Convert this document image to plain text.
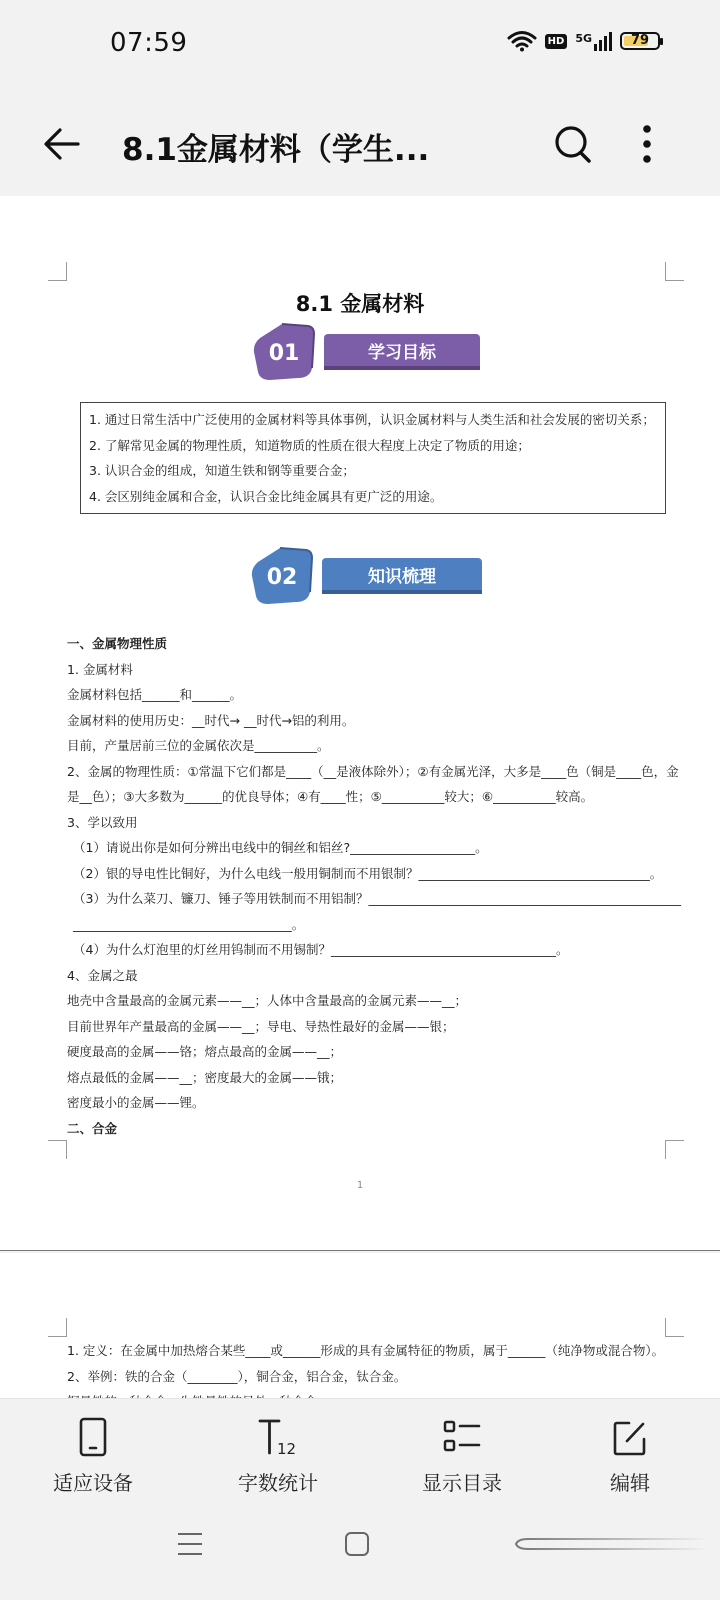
07:59	HD 5G	79
8.1金属材料（学生...
8.1 金属材料
01	学习目标

1. 通过日常生活中广泛使用的金属材料等具体事例，认识金属材料与人类生活和社会发展的密切关系；

2. 了解常见金属的物理性质，知道物质的性质在很大程度上决定了物质的用途；

3. 认识合金的组成，知道生铁和钢等重要合金；

4. 会区别纯金属和合金，认识合金比纯金属具有更广泛的用途。

02	知识梳理

一、金属物理性质

1. 金属材料

金属材料包括______和______。

金属材料的使用历史：__时代→ __时代→铝的利用。

目前，产量居前三位的金属依次是__________。

2、金属的物理性质：①常温下它们都是____（__是液体除外）；②有金属光泽，大多是____色（铜是____色，金是__色）；③大多数为______的优良导体；④有____性；⑤__________较大；⑥__________较高。

3、学以致用

（1）请说出你是如何分辨出电线中的铜丝和铝丝?____________________。

（2）银的导电性比铜好，为什么电线一般用铜制而不用银制？_____________________________________。

（3）为什么菜刀、镰刀、锤子等用铁制而不用铝制？_____________________________________________________________________________________。

（4）为什么灯泡里的灯丝用钨制而不用锡制？____________________________________。

4、金属之最

地壳中含量最高的金属元素——__；人体中含量最高的金属元素——__；

目前世界年产量最高的金属——__；导电、导热性最好的金属——银；

硬度最高的金属——铬；熔点最高的金属——__；

熔点最低的金属——__；密度最大的金属——锇；

密度最小的金属——锂。

二、合金

1

1. 定义：在金属中加热熔合某些____或______形成的具有金属特征的物质，属于______（纯净物或混合物）。

2、举例：铁的合金（________），铜合金，铝合金，钛合金。

适应设备
12
字数统计	显示目录	编辑
